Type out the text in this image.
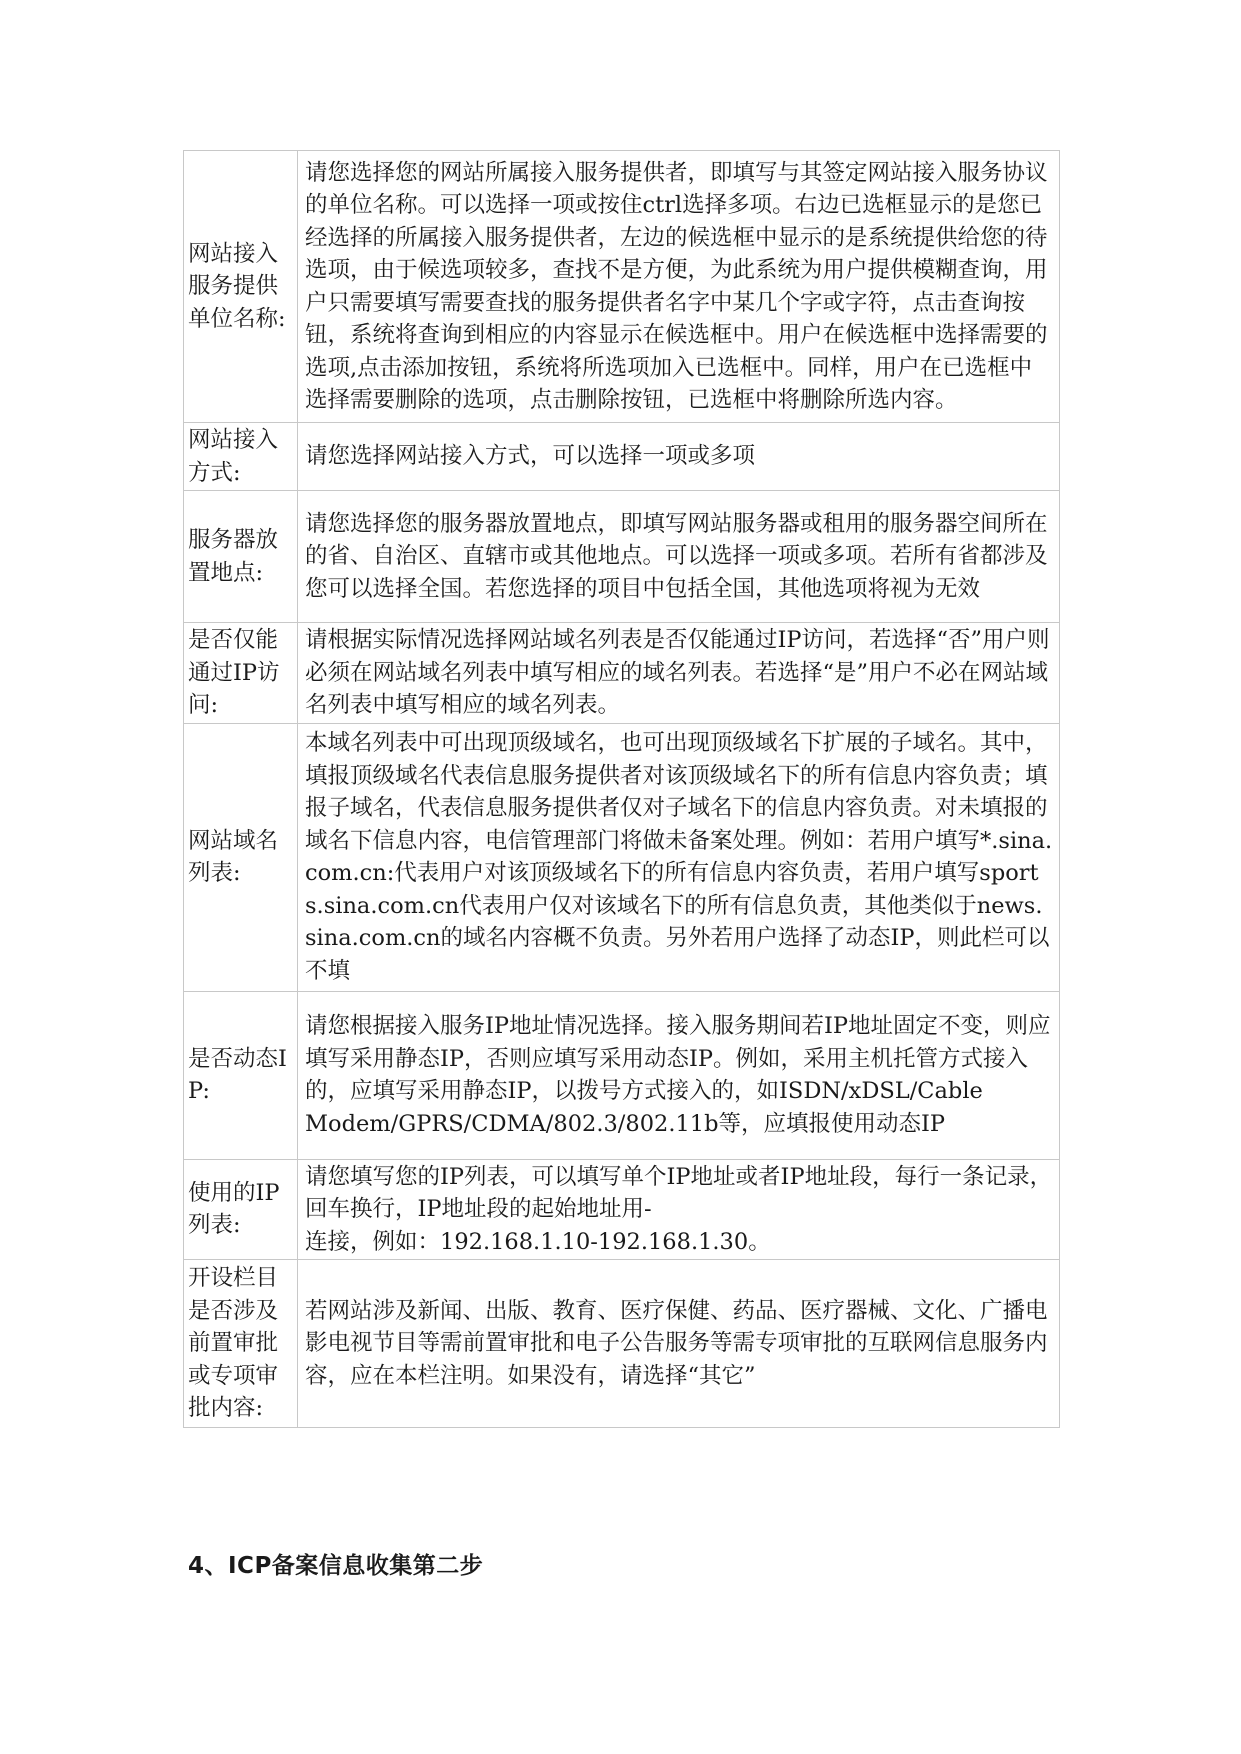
网站接入服务提供单位名称:	请您选择您的网站所属接入服务提供者，即填写与其签定网站接入服务协议的单位名称。可以选择一项或按住ctrl选择多项。右边已选框显示的是您已经选择的所属接入服务提供者，左边的候选框中显示的是系统提供给您的待选项，由于候选项较多，查找不是方便，为此系统为用户提供模糊查询，用户只需要填写需要查找的服务提供者名字中某几个字或字符，点击查询按钮，系统将查询到相应的内容显示在候选框中。用户在候选框中选择需要的选项,点击添加按钮，系统将所选项加入已选框中。同样，用户在已选框中选择需要删除的选项，点击删除按钮，已选框中将删除所选内容。
网站接入方式:	请您选择网站接入方式，可以选择一项或多项
服务器放置地点:	请您选择您的服务器放置地点，即填写网站服务器或租用的服务器空间所在的省、自治区、直辖市或其他地点。可以选择一项或多项。若所有省都涉及您可以选择全国。若您选择的项目中包括全国，其他选项将视为无效
是否仅能通过IP访问:	请根据实际情况选择网站域名列表是否仅能通过IP访问，若选择“否”用户则必须在网站域名列表中填写相应的域名列表。若选择“是”用户不必在网站域名列表中填写相应的域名列表。
网站域名列表:	本域名列表中可出现顶级域名，也可出现顶级域名下扩展的子域名。其中，填报顶级域名代表信息服务提供者对该顶级域名下的所有信息内容负责；填报子域名，代表信息服务提供者仅对子域名下的信息内容负责。对未填报的域名下信息内容，电信管理部门将做未备案处理。例如：若用户填写*.sina.com.cn:代表用户对该顶级域名下的所有信息内容负责，若用户填写sports.sina.com.cn代表用户仅对该域名下的所有信息负责，其他类似于news.sina.com.cn的域名内容概不负责。另外若用户选择了动态IP，则此栏可以不填
是否动态IP:	请您根据接入服务IP地址情况选择。接入服务期间若IP地址固定不变，则应填写采用静态IP，否则应填写采用动态IP。例如，采用主机托管方式接入的，应填写采用静态IP，以拨号方式接入的，如ISDN/xDSL/Cable
Modem/GPRS/CDMA/802.3/802.11b等，应填报使用动态IP
使用的IP列表:	请您填写您的IP列表，可以填写单个IP地址或者IP地址段，每行一条记录，回车换行，IP地址段的起始地址用-
连接，例如：192.168.1.10-192.168.1.30。
开设栏目是否涉及前置审批或专项审批内容:	若网站涉及新闻、出版、教育、医疗保健、药品、医疗器械、文化、广播电影电视节目等需前置审批和电子公告服务等需专项审批的互联网信息服务内容，应在本栏注明。如果没有，请选择“其它”
4、ICP备案信息收集第二步
